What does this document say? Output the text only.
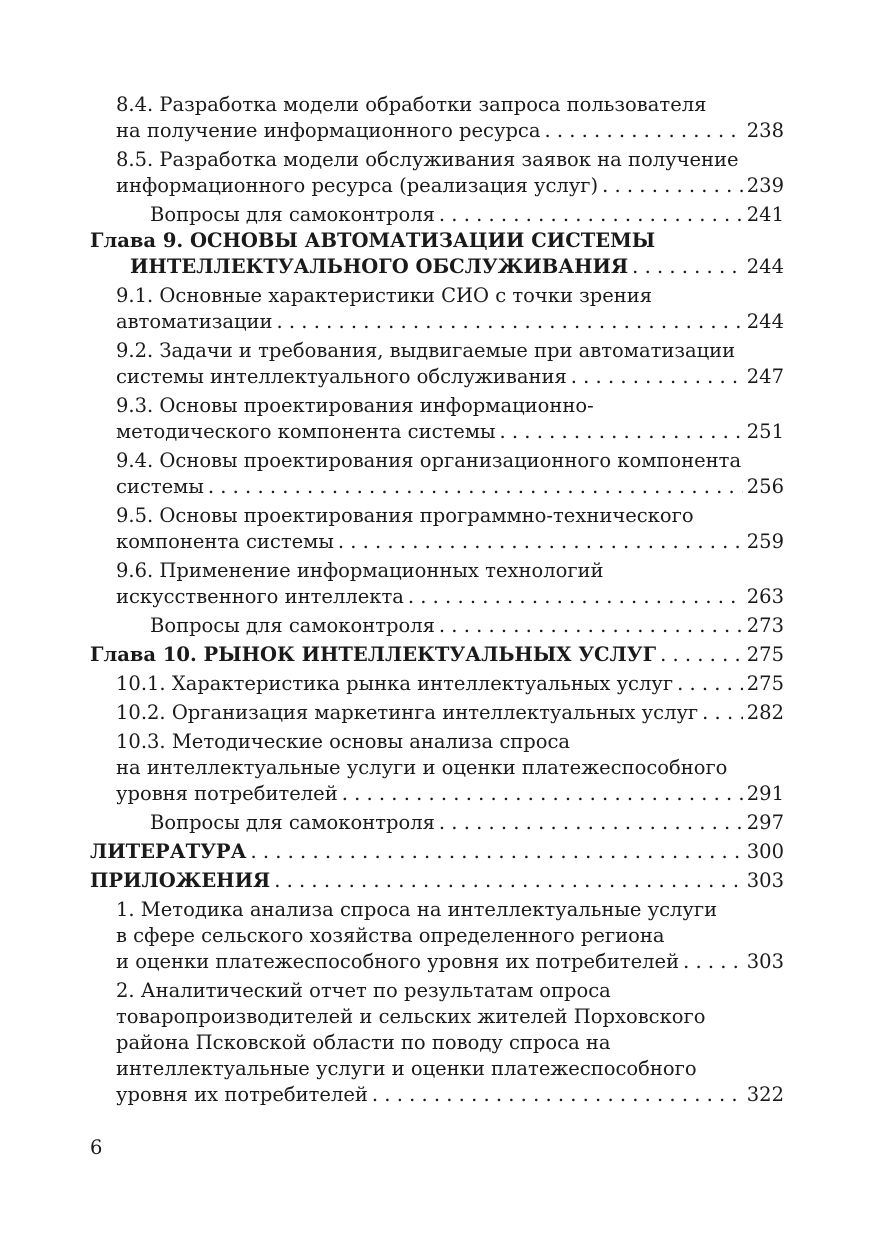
8.4. Разработка модели обработки запроса пользователя
на получение информационного ресурса . . .	238
8.5. Разработка модели обслуживания заявок на получение
информационного ресурса (реализация услуг) . . .	239
Вопросы для самоконтроля . . .	241
Глава 9. ОСНОВЫ АВТОМАТИЗАЦИИ СИСТЕМЫ
ИНТЕЛЛЕКТУАЛЬНОГО ОБСЛУЖИВАНИЯ . . .	244
9.1. Основные характеристики СИО с точки зрения
автоматизации . . .	244
9.2. Задачи и требования, выдвигаемые при автоматизации
системы интеллектуального обслуживания . . .	247
9.3. Основы проектирования информационно-
методического компонента системы . . .	251
9.4. Основы проектирования организационного компонента
системы . . .	256
9.5. Основы проектирования программно-технического
компонента системы . . .	259
9.6. Применение информационных технологий
искусственного интеллекта . . .	263
Вопросы для самоконтроля . . .	273
Глава 10. РЫНОК ИНТЕЛЛЕКТУАЛЬНЫХ УСЛУГ . . .	275
10.1. Характеристика рынка интеллектуальных услуг . . .	275
10.2. Организация маркетинга интеллектуальных услуг . . . 282
10.3. Методические основы анализа спроса
на интеллектуальные услуги и оценки платежеспособного
уровня потребителей . . .	291
Вопросы для самоконтроля . . .	297
ЛИТЕРАТУРА . . .	300
ПРИЛОЖЕНИЯ . . .	303
1. Методика анализа спроса на интеллектуальные услуги
в сфере сельского хозяйства определенного региона
и оценки платежеспособного уровня их потребителей . . .	303
2. Аналитический отчет по результатам опроса
товаропроизводителей и сельских жителей Порховского
района Псковской области по поводу спроса на
интеллектуальные услуги и оценки платежеспособного
уровня их потребителей . . .	322
6
